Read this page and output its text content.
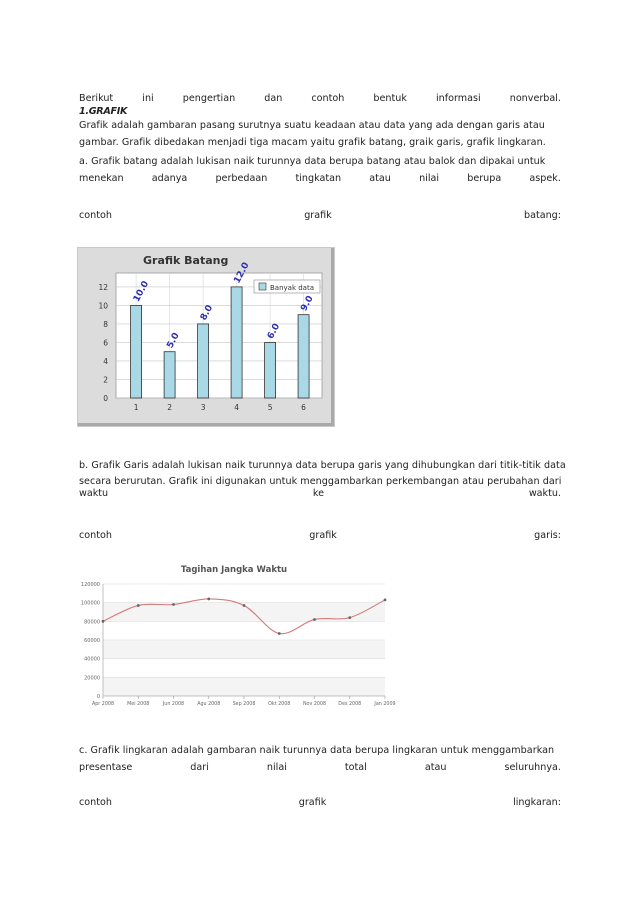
Berikut	ini	pengertian	dan	contoh	bentuk	informasi	nonverbal.
1.GRAFIK
Grafik adalah gambaran pasang surutnya suatu keadaan atau data yang ada dengan garis atau
gambar. Grafik dibedakan menjadi tiga macam yaitu grafik batang, graik garis, grafik lingkaran.
a. Grafik batang adalah lukisan naik turunnya data berupa batang atau balok dan dipakai untuk
menekan	adanya	perbedaan	tingkatan	atau	nilai	berupa	aspek.
contoh	grafik	batang:
Grafik Batang
0
2
4
6
8
10
12	10.0
1
5.0
2
8.0
3
12.0
4
6.0
5
9.0
6
Banyak data
b. Grafik Garis adalah lukisan naik turunnya data berupa garis yang dihubungkan dari titik-titik data
secara berurutan. Grafik ini digunakan untuk menggambarkan perkembangan atau perubahan dari
waktu	ke	waktu.
contoh	grafik	garis:
Tagihan Jangka Waktu
0
20000
40000
60000
80000
100000
120000
Apr 2008	Mei 2008	Jun 2008	Agu 2008	Sep 2008	Okt 2008	Nov 2008	Des 2008	Jan 2009
c. Grafik lingkaran adalah gambaran naik turunnya data berupa lingkaran untuk menggambarkan
presentase	dari	nilai	total	atau	seluruhnya.
contoh	grafik	lingkaran:
